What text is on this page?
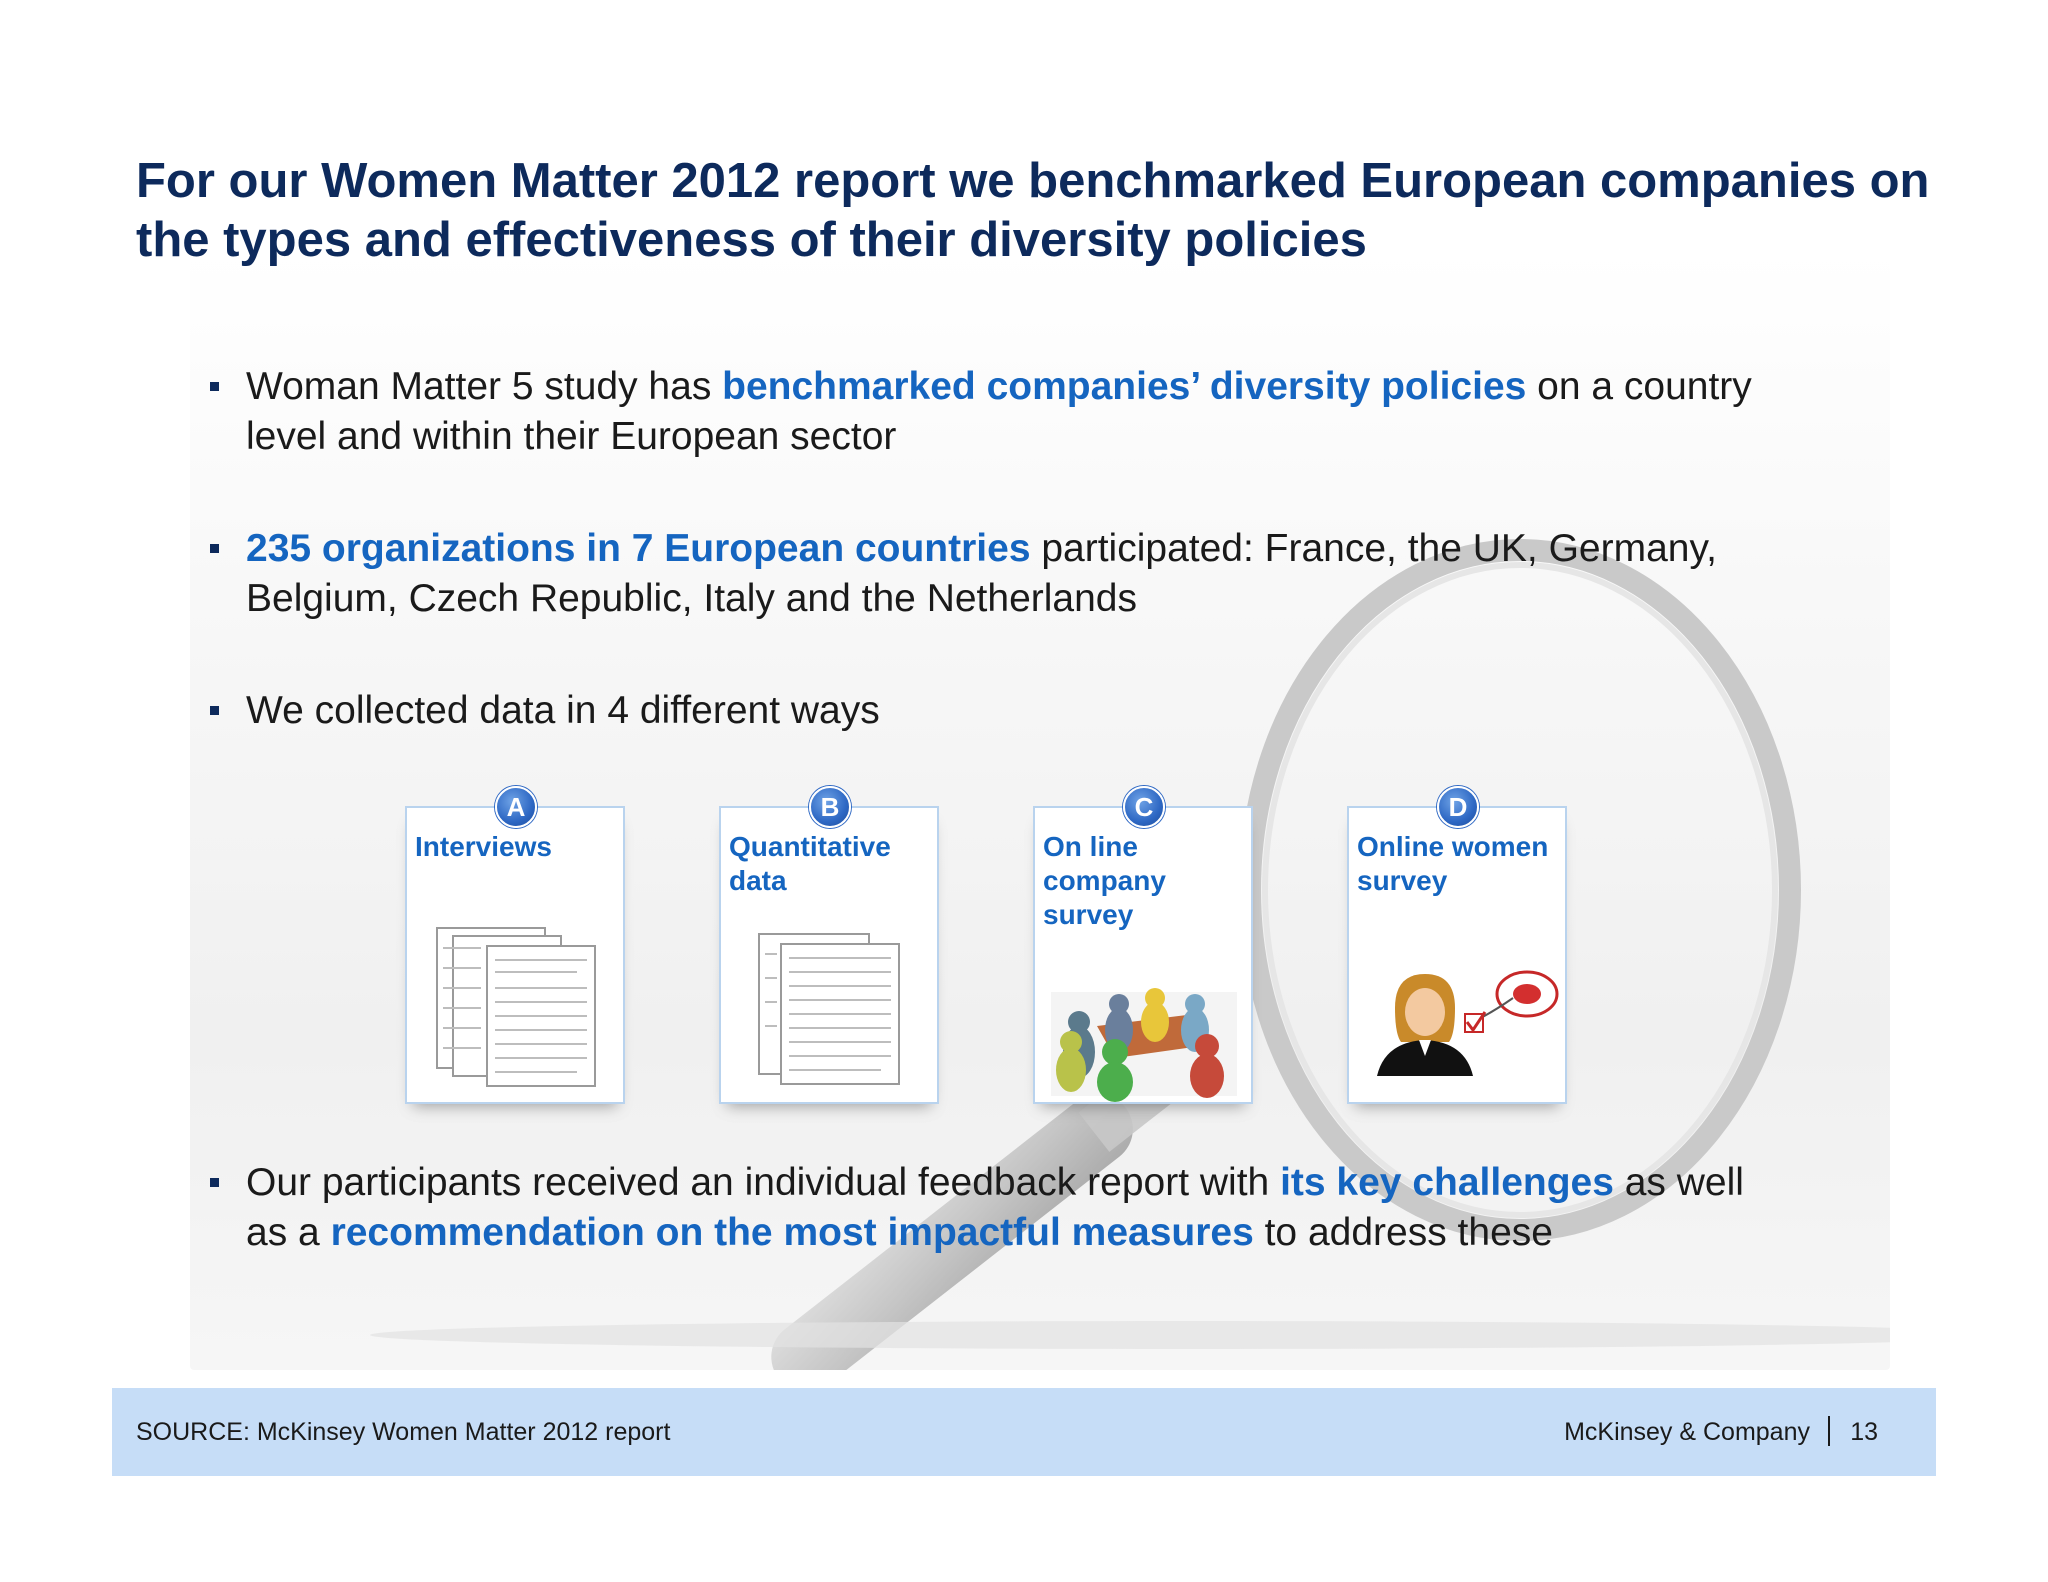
For our Women Matter 2012 report we benchmarked European companies on the types and effectiveness of their diversity policies
Woman Matter 5 study has benchmarked companies’ diversity policies on a country level and within their European sector
235 organizations in 7 European countries participated: France, the UK, Germany, Belgium, Czech Republic, Italy and the Netherlands
We collected data in 4 different ways
A
Interviews
B
Quantitative data
C
On line company survey
D
Online women survey
Our participants received an individual feedback report with its key challenges as well as a recommendation on the most impactful measures to address these
SOURCE: McKinsey Women Matter 2012 report	McKinsey & Company 13
